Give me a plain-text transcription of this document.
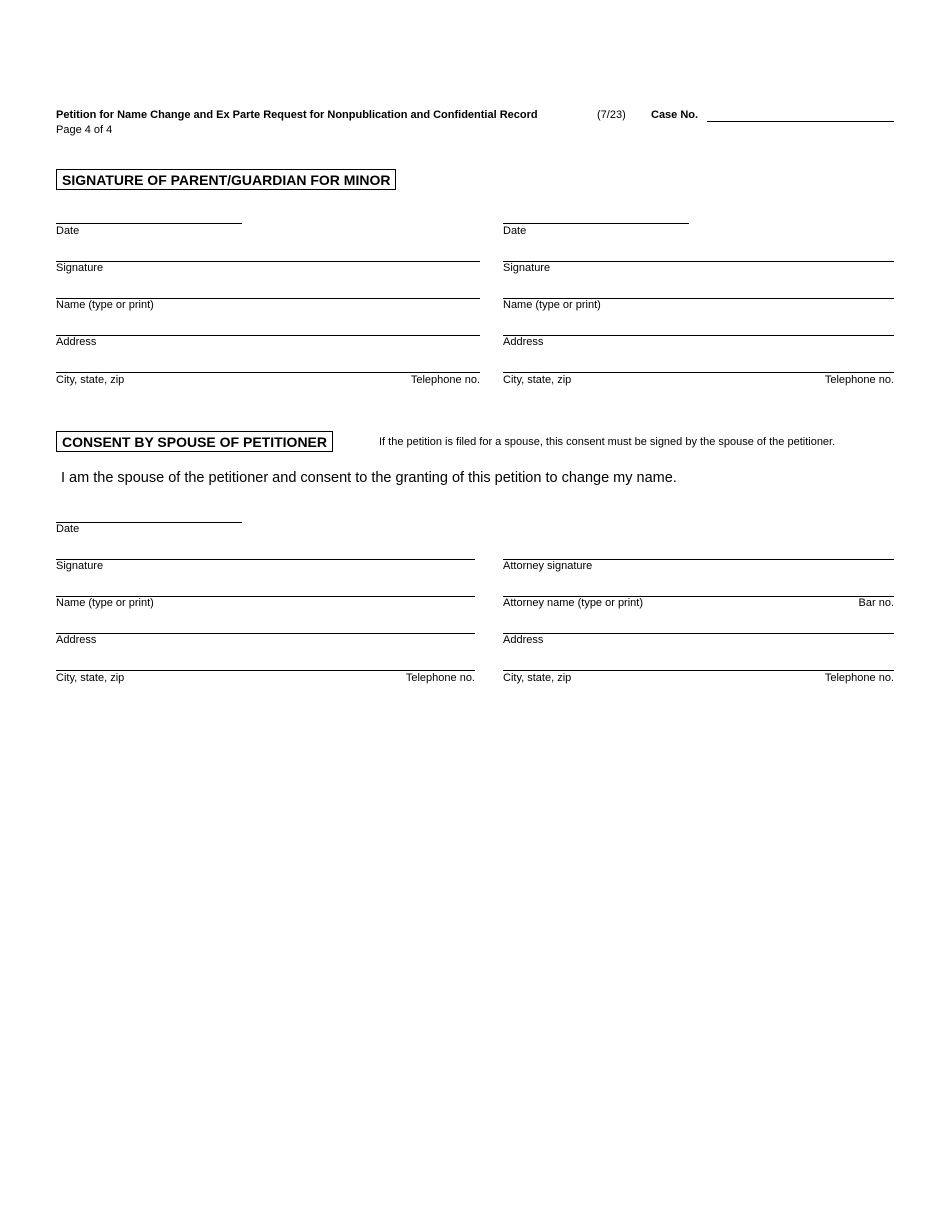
Petition for Name Change and Ex Parte Request for Nonpublication and Confidential Record	(7/23) Case No.
Page 4 of 4
SIGNATURE OF PARENT/GUARDIAN FOR MINOR
Date
Signature
Name (type or print)
Address
City, state, zip	Telephone no.
Date
Signature
Name (type or print)
Address
City, state, zip	Telephone no.
CONSENT BY SPOUSE OF PETITIONER	If the petition is filed for a spouse, this consent must be signed by the spouse of the petitioner.
I am the spouse of the petitioner and consent to the granting of this petition to change my name.
Date
Signature
Name (type or print)
Address
City, state, zip	Telephone no.
Attorney signature
Attorney name (type or print)	Bar no.
Address
City, state, zip	Telephone no.
